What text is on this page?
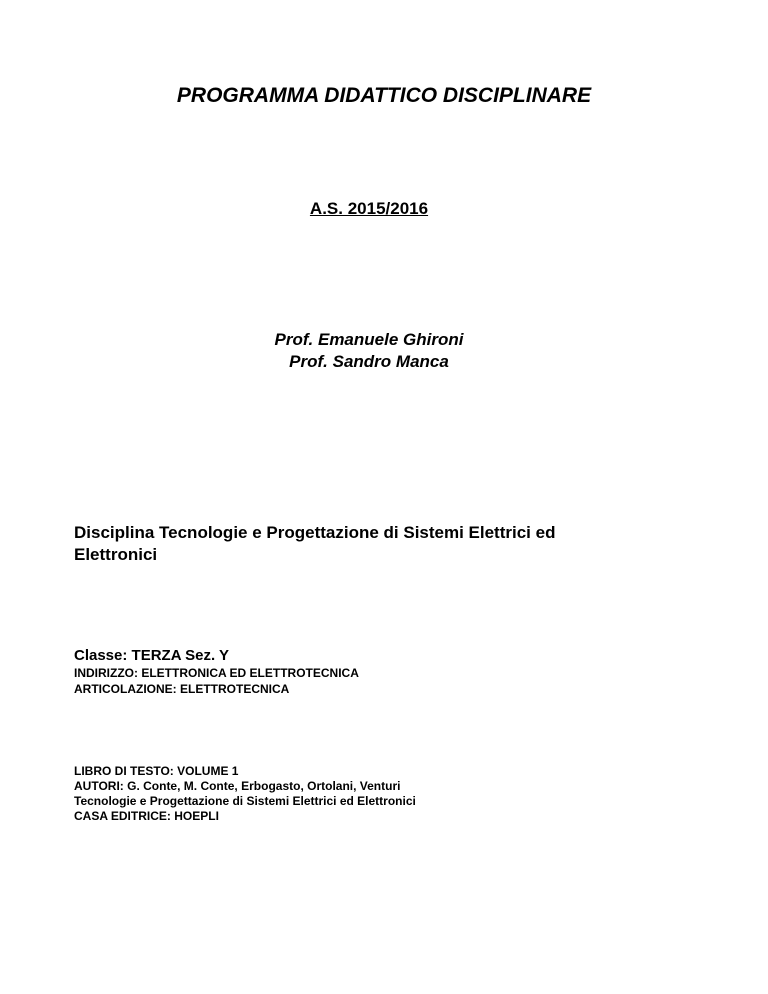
PROGRAMMA DIDATTICO DISCIPLINARE
A.S. 2015/2016
Prof. Emanuele Ghironi
Prof. Sandro Manca
Disciplina Tecnologie e Progettazione di Sistemi Elettrici ed
Elettronici
Classe: TERZA Sez. Y
INDIRIZZO: ELETTRONICA ED ELETTROTECNICA
ARTICOLAZIONE: ELETTROTECNICA
LIBRO DI TESTO: VOLUME 1
AUTORI: G. Conte, M. Conte, Erbogasto, Ortolani, Venturi
Tecnologie e Progettazione di Sistemi Elettrici ed Elettronici
CASA EDITRICE: HOEPLI
